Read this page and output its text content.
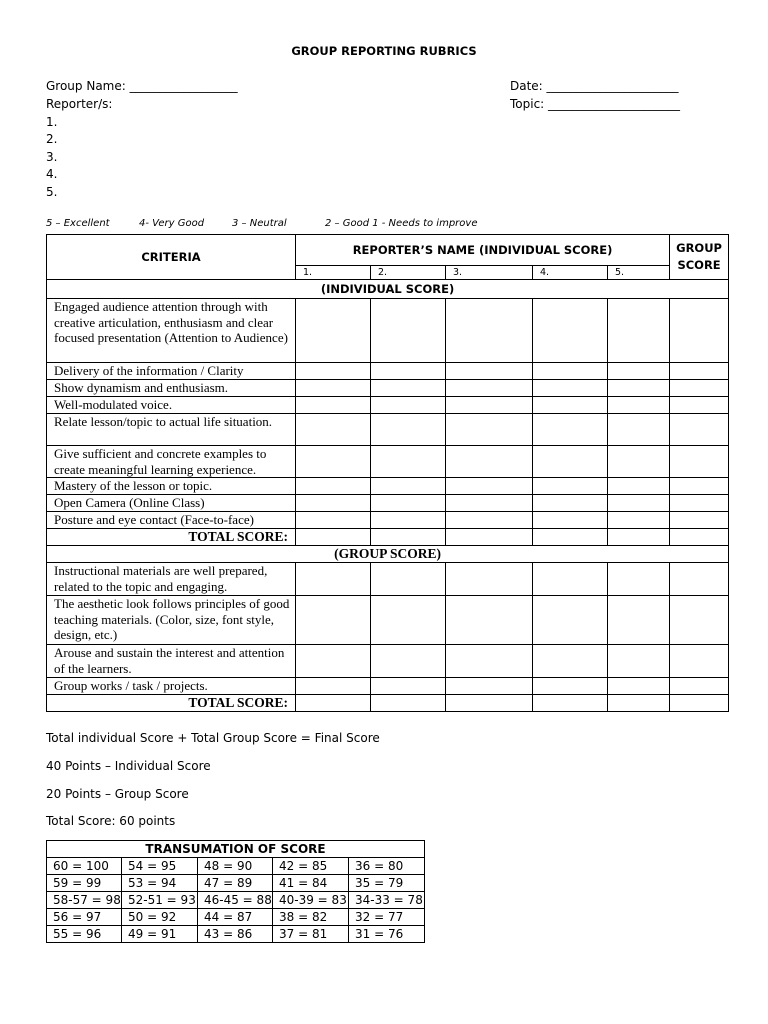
GROUP REPORTING RUBRICS
Group Name: __________________	Date: ______________________
Reporter/s:	Topic: ______________________
1.
2.
3.
4.
5.
5 – Excellent	4- Very Good	3 – Neutral	2 – Good 1 - Needs to improve
CRITERIA	REPORTER’S NAME (INDIVIDUAL SCORE)					GROUP SCORE
	1.	2.	3.	4.	5.	
(INDIVIDUAL SCORE)						
Engaged audience attention through with creative articulation, enthusiasm and clear focused presentation (Attention to Audience)						
Delivery of the information / Clarity						
Show dynamism and enthusiasm.						
Well-modulated voice.						
Relate lesson/topic to actual life situation.						
Give sufficient and concrete examples to create meaningful learning experience.						
Mastery of the lesson or topic.						
Open Camera (Online Class)						
Posture and eye contact (Face-to-face)						
TOTAL SCORE:						
(GROUP SCORE)						
Instructional materials are well prepared, related to the topic and engaging.						
The aesthetic look follows principles of good teaching materials. (Color, size, font style, design, etc.)						
Arouse and sustain the interest and attention of the learners.						
Group works / task / projects.						
TOTAL SCORE:						
Total individual Score + Total Group Score = Final Score
40 Points – Individual Score
20 Points – Group Score
Total Score: 60 points
TRANSUMATION OF SCORE				
60 = 100	54 = 95	48 = 90	42 = 85	36 = 80
59 = 99	53 = 94	47 = 89	41 = 84	35 = 79
58-57 = 98	52-51 = 93	46-45 = 88	40-39 = 83	34-33 = 78
56 = 97	50 = 92	44 = 87	38 = 82	32 = 77
55 = 96	49 = 91	43 = 86	37 = 81	31 = 76
